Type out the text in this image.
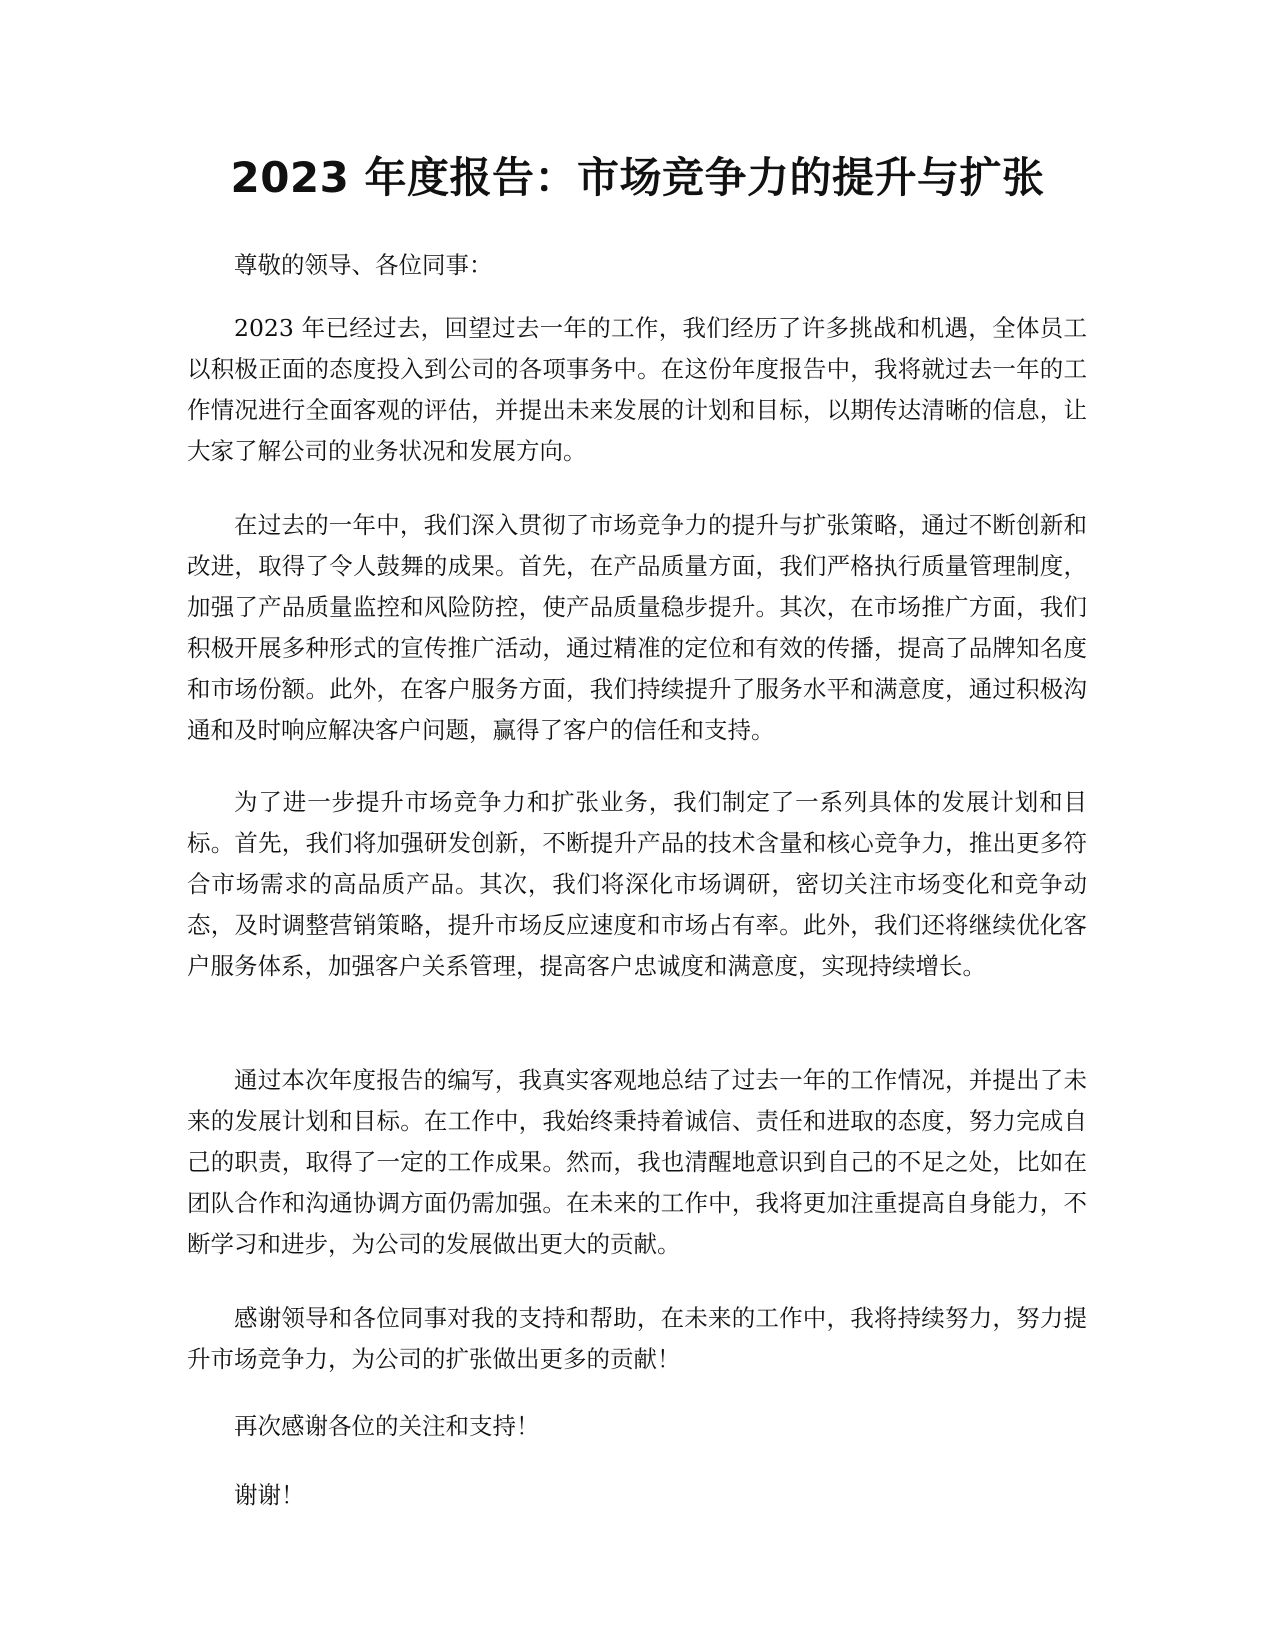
2023 年度报告：市场竞争力的提升与扩张

尊敬的领导、各位同事：

2023 年已经过去，回望过去一年的工作，我们经历了许多挑战和机遇，全体员工以积极正面的态度投入到公司的各项事务中。在这份年度报告中，我将就过去一年的工作情况进行全面客观的评估，并提出未来发展的计划和目标，以期传达清晰的信息，让大家了解公司的业务状况和发展方向。

在过去的一年中，我们深入贯彻了市场竞争力的提升与扩张策略，通过不断创新和改进，取得了令人鼓舞的成果。首先，在产品质量方面，我们严格执行质量管理制度，加强了产品质量监控和风险防控，使产品质量稳步提升。其次，在市场推广方面，我们积极开展多种形式的宣传推广活动，通过精准的定位和有效的传播，提高了品牌知名度和市场份额。此外，在客户服务方面，我们持续提升了服务水平和满意度，通过积极沟通和及时响应解决客户问题，赢得了客户的信任和支持。

为了进一步提升市场竞争力和扩张业务，我们制定了一系列具体的发展计划和目标。首先，我们将加强研发创新，不断提升产品的技术含量和核心竞争力，推出更多符合市场需求的高品质产品。其次，我们将深化市场调研，密切关注市场变化和竞争动态，及时调整营销策略，提升市场反应速度和市场占有率。此外，我们还将继续优化客户服务体系，加强客户关系管理，提高客户忠诚度和满意度，实现持续增长。

通过本次年度报告的编写，我真实客观地总结了过去一年的工作情况，并提出了未来的发展计划和目标。在工作中，我始终秉持着诚信、责任和进取的态度，努力完成自己的职责，取得了一定的工作成果。然而，我也清醒地意识到自己的不足之处，比如在团队合作和沟通协调方面仍需加强。在未来的工作中，我将更加注重提高自身能力，不断学习和进步，为公司的发展做出更大的贡献。

感谢领导和各位同事对我的支持和帮助，在未来的工作中，我将持续努力，努力提升市场竞争力，为公司的扩张做出更多的贡献！

再次感谢各位的关注和支持！

谢谢！
